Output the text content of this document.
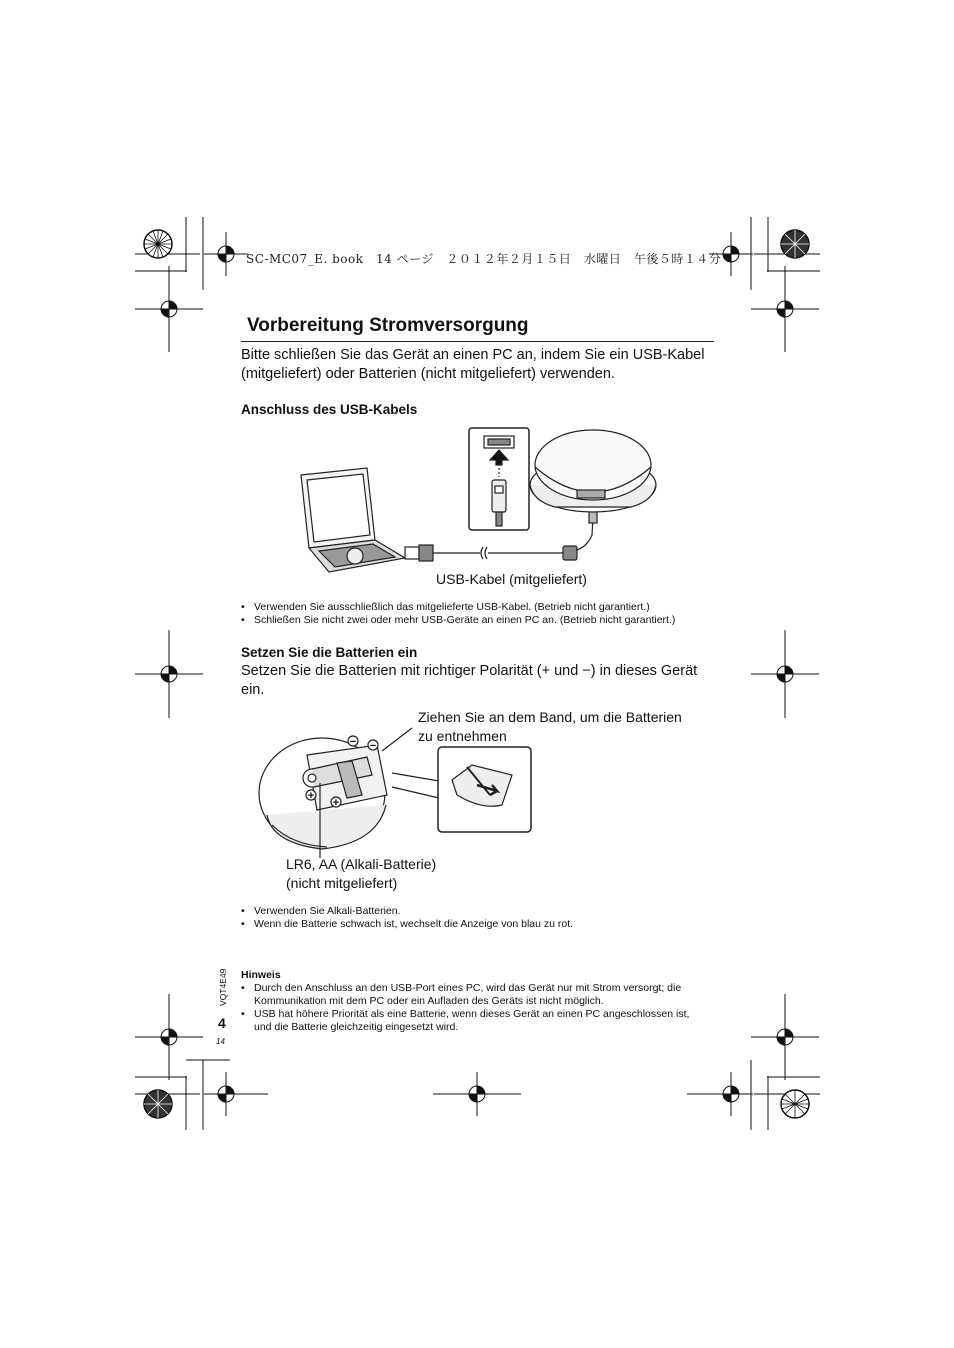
SC-MC07_E. book　14 ページ　２０１２年２月１５日　水曜日　午後５時１４分
Vorbereitung Stromversorgung
Bitte schließen Sie das Gerät an einen PC an, indem Sie ein USB-Kabel
(mitgeliefert) oder Batterien (nicht mitgeliefert) verwenden.
Anschluss des USB-Kabels
USB-Kabel (mitgeliefert)
• Verwenden Sie ausschließlich das mitgelieferte USB-Kabel. (Betrieb nicht garantiert.)
• Schließen Sie nicht zwei oder mehr USB-Geräte an einen PC an. (Betrieb nicht garantiert.)
Setzen Sie die Batterien ein
Setzen Sie die Batterien mit richtiger Polarität (+ und −) in dieses Gerät
ein.
Ziehen Sie an dem Band, um die Batterien
zu entnehmen
− −
+
+
LR6, AA (Alkali-Batterie)
(nicht mitgeliefert)
• Verwenden Sie Alkali-Batterien.
• Wenn die Batterie schwach ist, wechselt die Anzeige von blau zu rot.
Hinweis
• Durch den Anschluss an den USB-Port eines PC, wird das Gerät nur mit Strom versorgt; die
Kommunikation mit dem PC oder ein Aufladen des Geräts ist nicht möglich.
• USB hat höhere Priorität als eine Batterie, wenn dieses Gerät an einen PC angeschlossen ist,
und die Batterie gleichzeitig eingesetzt wird.
VQT4E49
4
14
